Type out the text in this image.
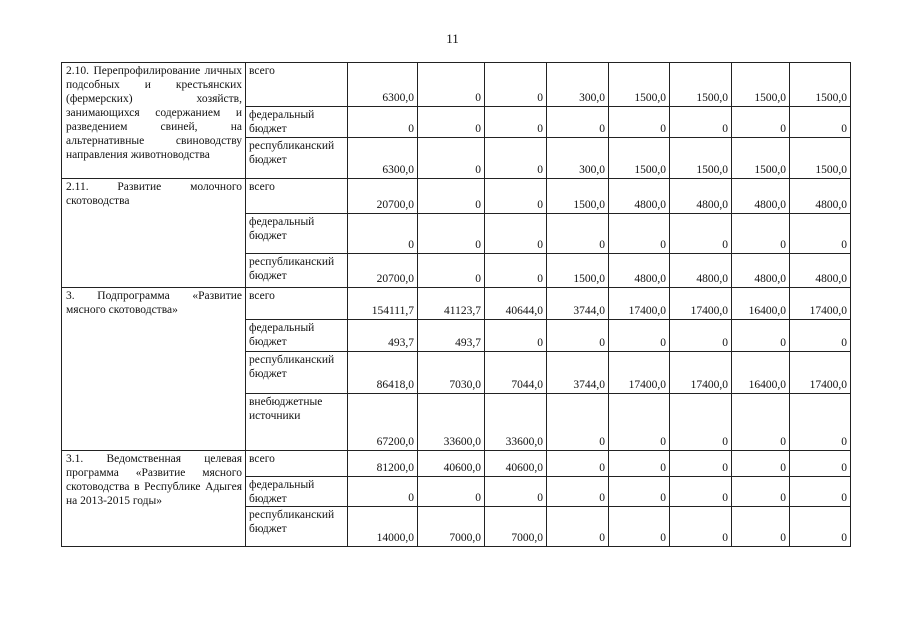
11
2.10. Перепрофилирование личных подсобных и крестьянских (фермерских) хозяйств, занимающихся содержанием и разведением свиней, на альтернативные свиноводству направления животноводства	всего	6300,0	0	0	300,0	1500,0	1500,0	1500,0	1500,0
	федеральный бюджет	0	0	0	0	0	0	0	0
	республиканский бюджет	6300,0	0	0	300,0	1500,0	1500,0	1500,0	1500,0
2.11. Развитие молочного скотоводства	всего	20700,0	0	0	1500,0	4800,0	4800,0	4800,0	4800,0
	федеральный бюджет	0	0	0	0	0	0	0	0
	республиканский бюджет	20700,0	0	0	1500,0	4800,0	4800,0	4800,0	4800,0
3. Подпрограмма «Развитие мясного скотоводства»	всего	154111,7	41123,7	40644,0	3744,0	17400,0	17400,0	16400,0	17400,0
	федеральный бюджет	493,7	493,7	0	0	0	0	0	0
	республиканский бюджет	86418,0	7030,0	7044,0	3744,0	17400,0	17400,0	16400,0	17400,0
	внебюджетные источники	67200,0	33600,0	33600,0	0	0	0	0	0
3.1. Ведомственная целевая программа «Развитие мясного скотоводства в Республике Адыгея на 2013-2015 годы»	всего	81200,0	40600,0	40600,0	0	0	0	0	0
	федеральный бюджет	0	0	0	0	0	0	0	0
	республиканский бюджет	14000,0	7000,0	7000,0	0	0	0	0	0
